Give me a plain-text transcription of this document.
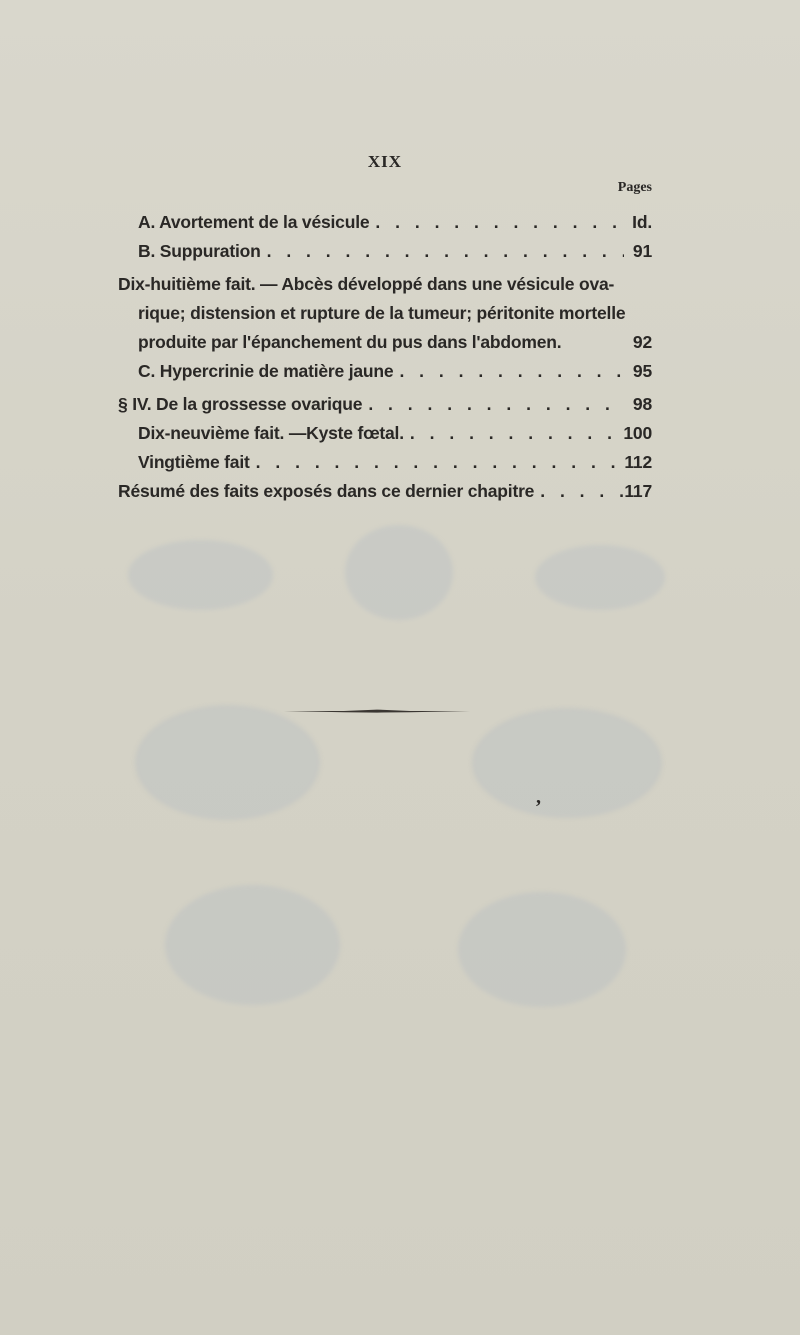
XIX
Pages
A. Avortement de la vésicule . . .	Id.
B. Suppuration . . .	91
Dix-huitième fait. — Abcès développé dans une vésicule ova-
rique; distension et rupture de la tumeur; péritonite mortelle
produite par l'épanchement du pus dans l'abdomen.	92
C. Hypercrinie de matière jaune . . .	95
§ IV. De la grossesse ovarique . . .	98
Dix-neuvième fait. —Kyste fœtal. . . .	100
Vingtième fait . . .	112
Résumé des faits exposés dans ce dernier chapitre . . .	117
,
